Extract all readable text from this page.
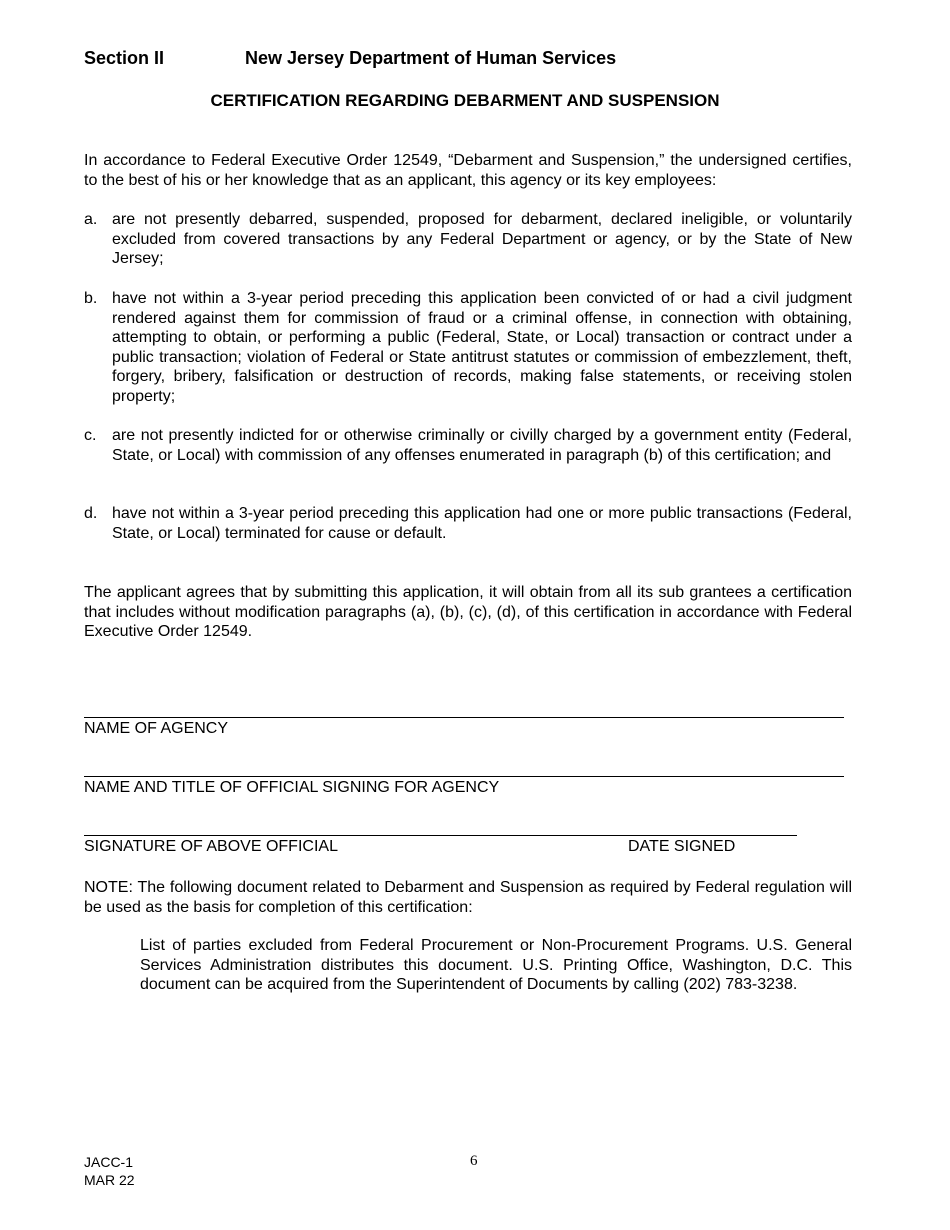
Section II	New Jersey Department of Human Services
CERTIFICATION REGARDING DEBARMENT AND SUSPENSION
In accordance to Federal Executive Order 12549, “Debarment and Suspension,” the undersigned certifies, to the best of his or her knowledge that as an applicant, this agency or its key employees:
a. are not presently debarred, suspended, proposed for debarment, declared ineligible, or voluntarily excluded from covered transactions by any Federal Department or agency, or by the State of New Jersey;
b. have not within a 3-year period preceding this application been convicted of or had a civil judgment rendered against them for commission of fraud or a criminal offense, in connection with obtaining, attempting to obtain, or performing a public (Federal, State, or Local) transaction or contract under a public transaction; violation of Federal or State antitrust statutes or commission of embezzlement, theft, forgery, bribery, falsification or destruction of records, making false statements, or receiving stolen property;
c. are not presently indicted for or otherwise criminally or civilly charged by a government entity (Federal, State, or Local) with commission of any offenses enumerated in paragraph (b) of this certification; and
d. have not within a 3-year period preceding this application had one or more public transactions (Federal, State, or Local) terminated for cause or default.
The applicant agrees that by submitting this application, it will obtain from all its sub grantees a certification that includes without modification paragraphs (a), (b), (c), (d), of this certification in accordance with Federal Executive Order 12549.
NAME OF AGENCY
NAME AND TITLE OF OFFICIAL SIGNING FOR AGENCY
SIGNATURE OF ABOVE OFFICIAL	DATE SIGNED
NOTE: The following document related to Debarment and Suspension as required by Federal regulation will be used as the basis for completion of this certification:
List of parties excluded from Federal Procurement or Non-Procurement Programs. U.S. General Services Administration distributes this document. U.S. Printing Office, Washington, D.C. This document can be acquired from the Superintendent of Documents by calling (202) 783-3238.
JACC-1
MAR 22
6
